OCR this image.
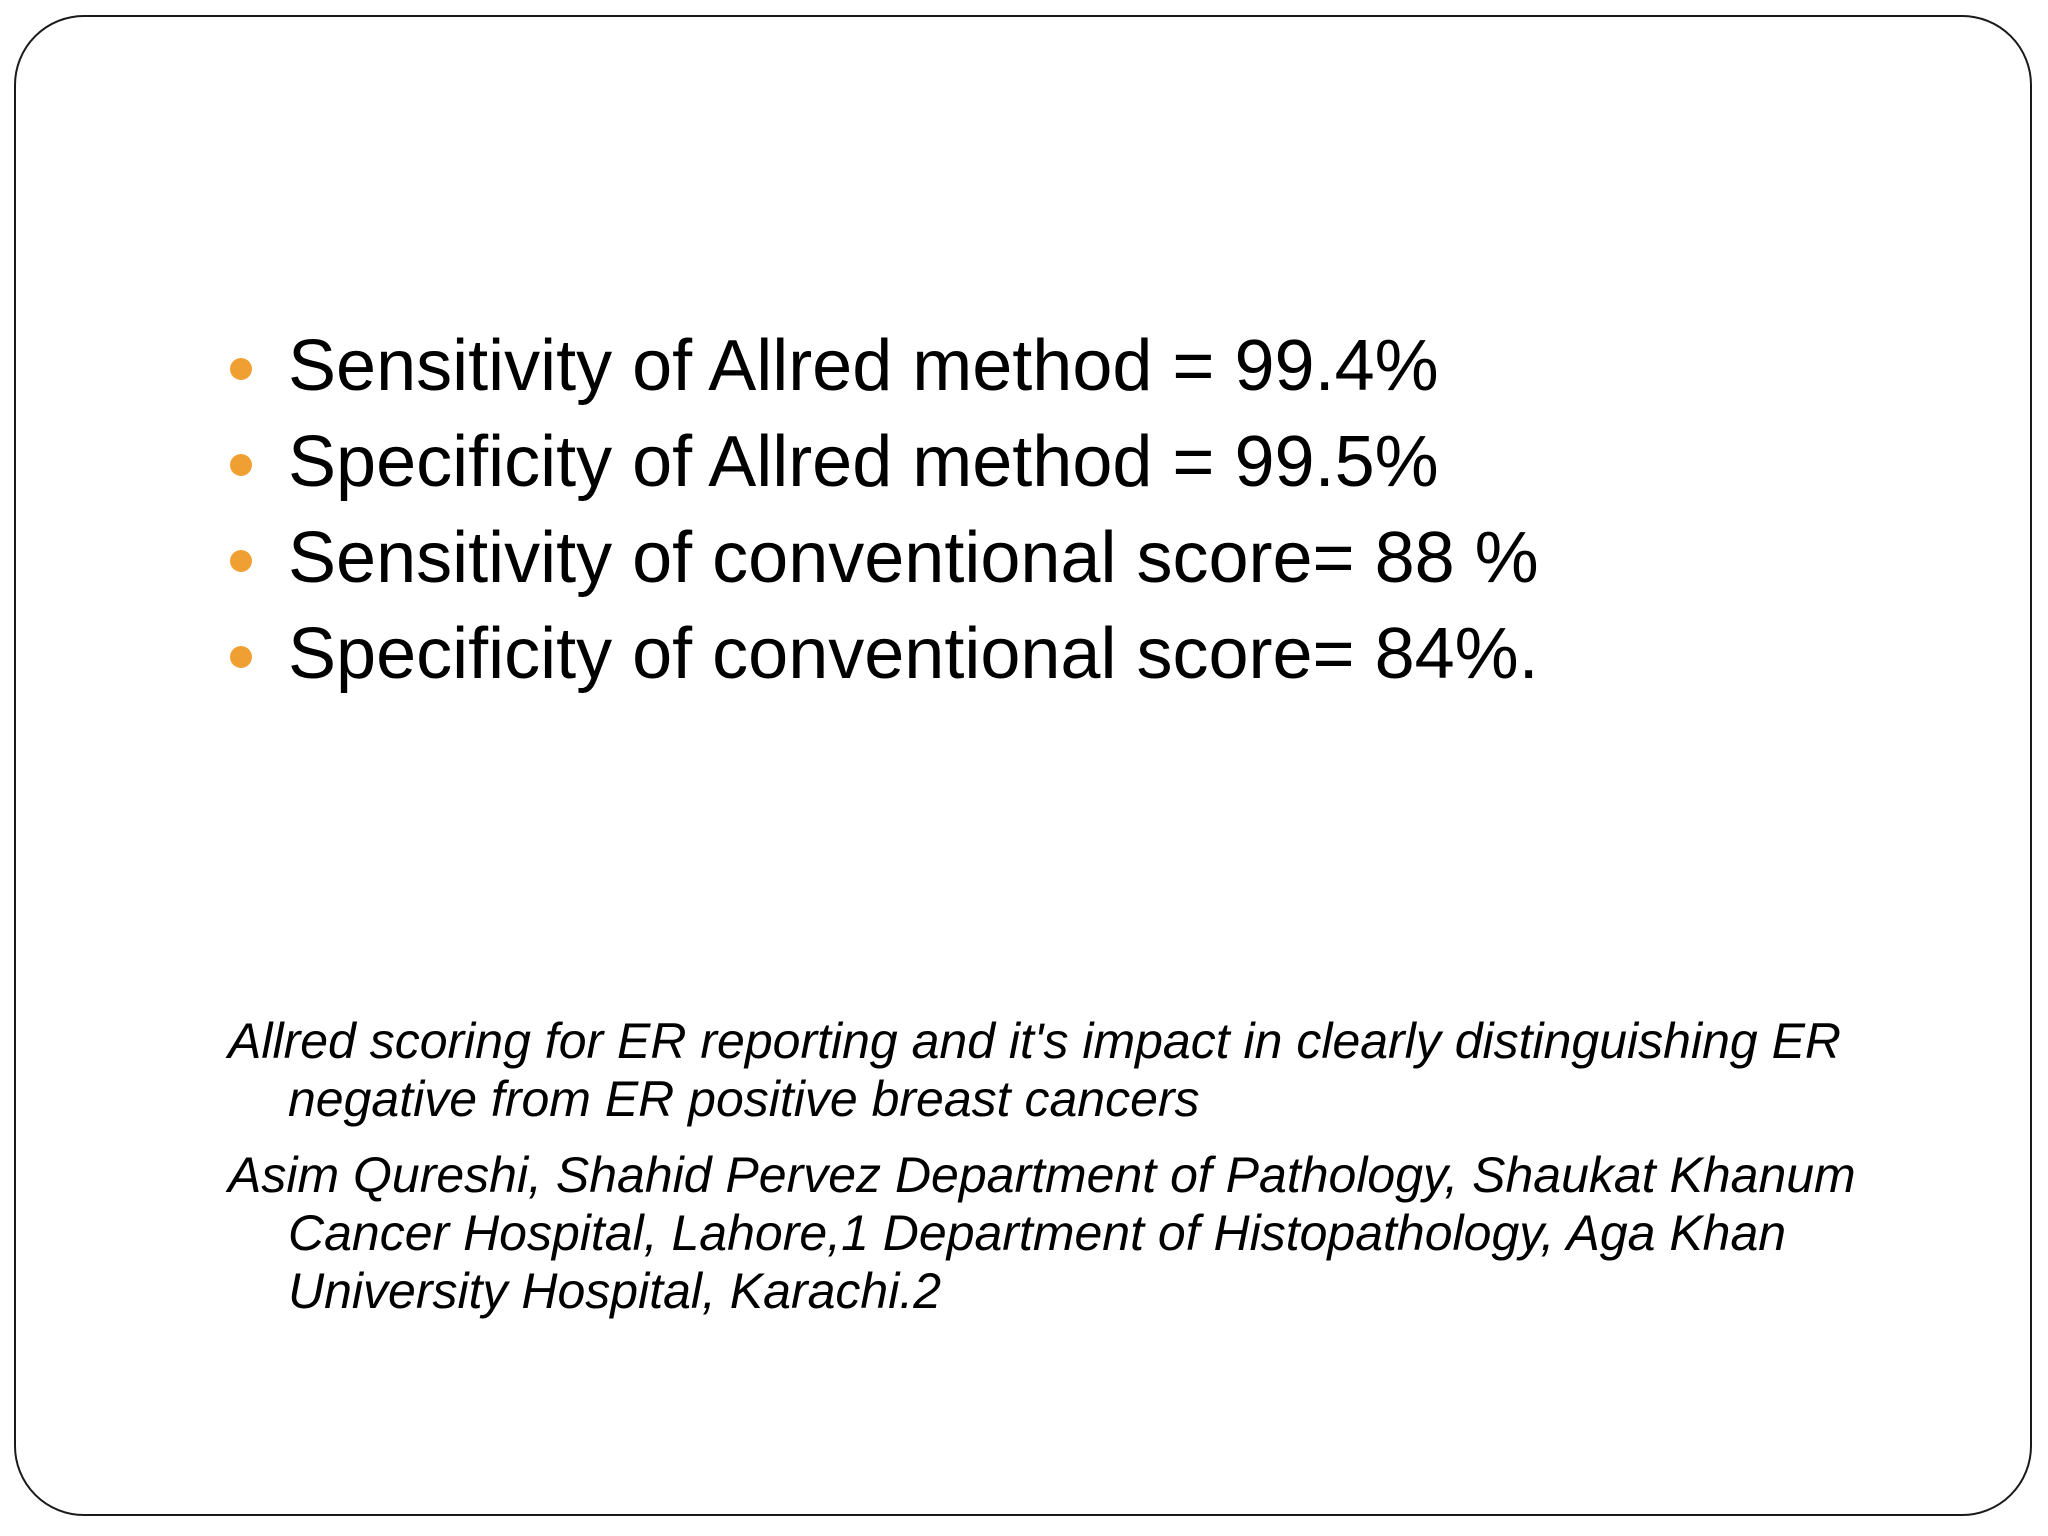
Sensitivity of Allred method = 99.4%
Specificity of Allred method = 99.5%
Sensitivity of conventional score= 88 %
Specificity of conventional score= 84%.

Allred scoring for ER reporting and it's impact in clearly distinguishing ER negative from ER positive breast cancers

Asim Qureshi, Shahid Pervez Department of Pathology, Shaukat Khanum Cancer Hospital, Lahore,1 Department of Histopathology, Aga Khan University Hospital, Karachi.2
